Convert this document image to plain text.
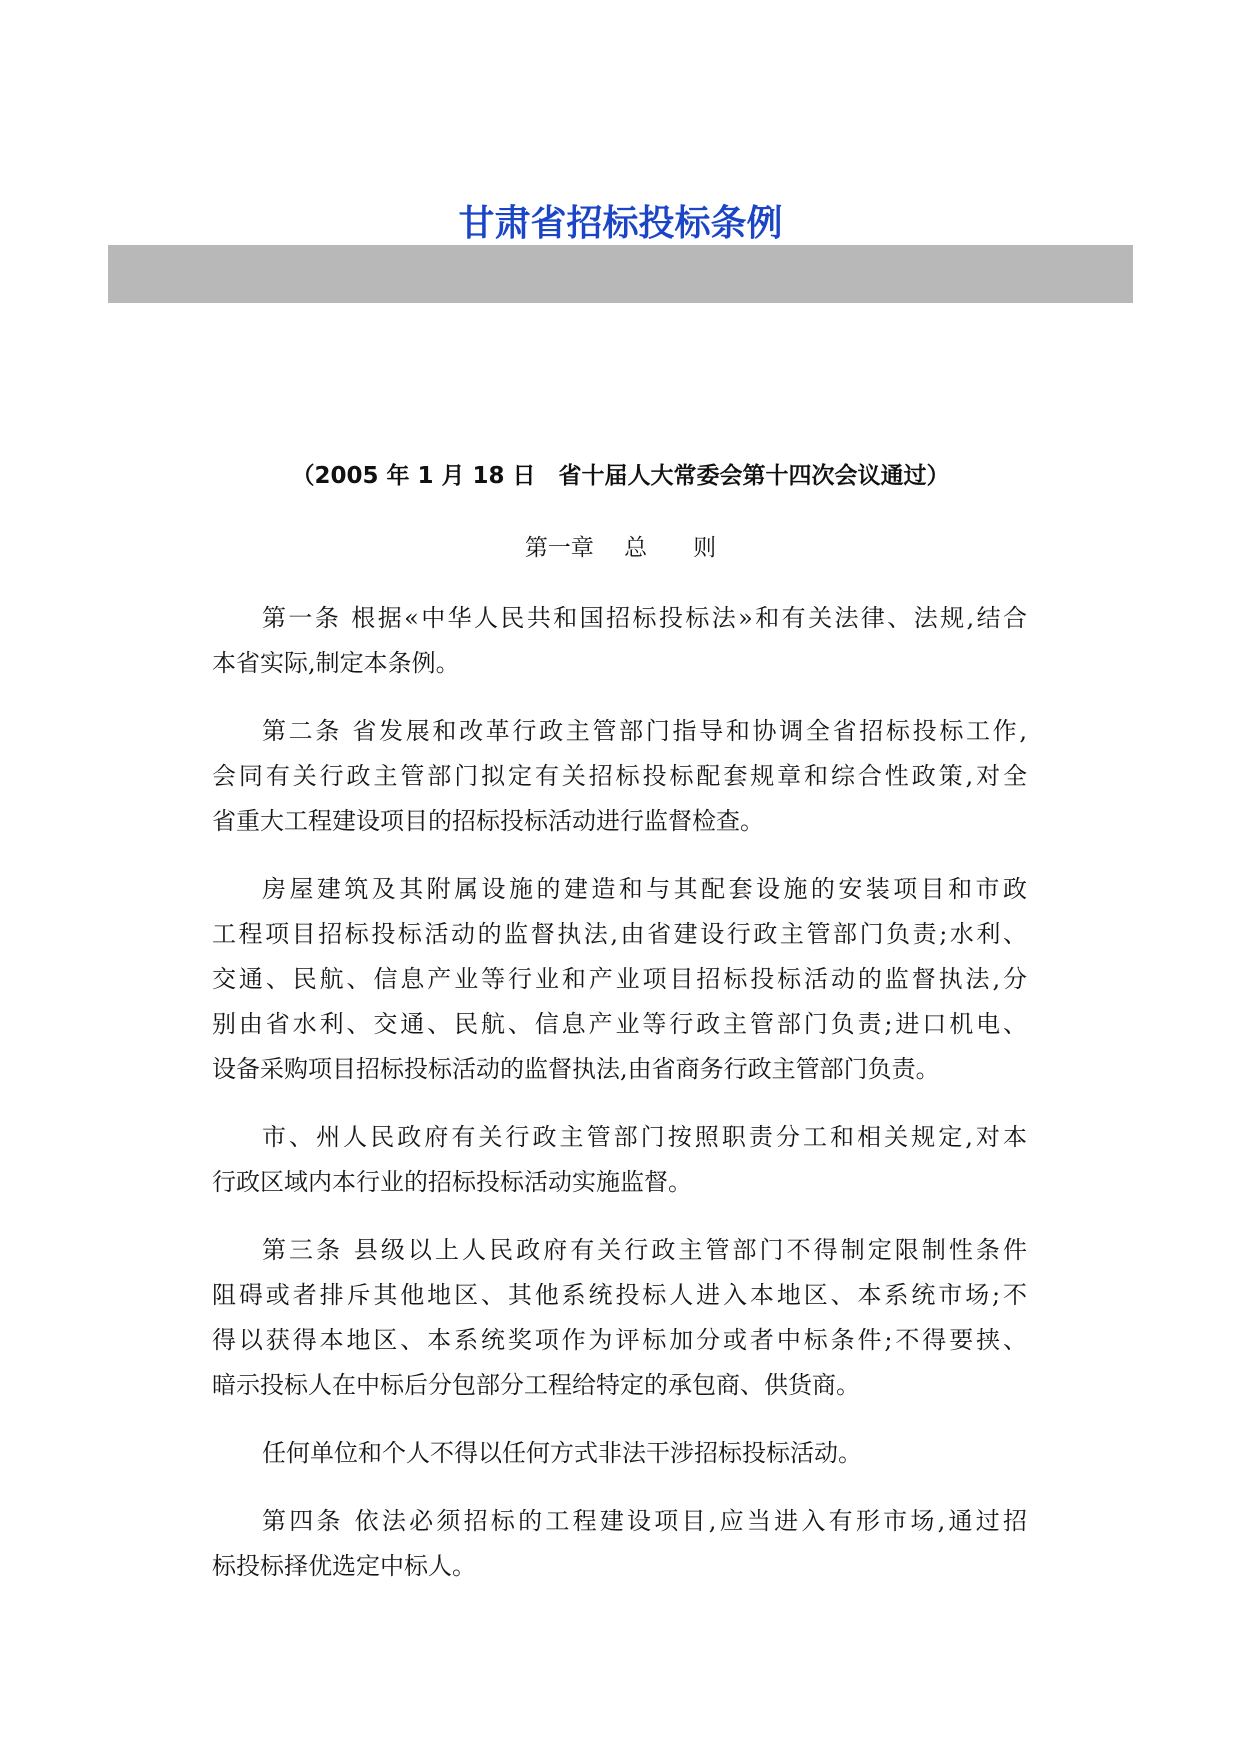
甘肃省招标投标条例
（2005 年 1 月 18 日　省十届人大常委会第十四次会议通过）
第一章　 总　　则

第一条 根据«中华人民共和国招标投标法»和有关法律、法规,结合
本省实际,制定本条例。

第二条 省发展和改革行政主管部门指导和协调全省招标投标工作,
会同有关行政主管部门拟定有关招标投标配套规章和综合性政策,对全
省重大工程建设项目的招标投标活动进行监督检查。

房屋建筑及其附属设施的建造和与其配套设施的安装项目和市政
工程项目招标投标活动的监督执法,由省建设行政主管部门负责;水利、
交通、民航、信息产业等行业和产业项目招标投标活动的监督执法,分
别由省水利、交通、民航、信息产业等行政主管部门负责;进口机电、
设备采购项目招标投标活动的监督执法,由省商务行政主管部门负责。

市、州人民政府有关行政主管部门按照职责分工和相关规定,对本
行政区域内本行业的招标投标活动实施监督。

第三条 县级以上人民政府有关行政主管部门不得制定限制性条件
阻碍或者排斥其他地区、其他系统投标人进入本地区、本系统市场;不
得以获得本地区、本系统奖项作为评标加分或者中标条件;不得要挟、
暗示投标人在中标后分包部分工程给特定的承包商、供货商。

任何单位和个人不得以任何方式非法干涉招标投标活动。

第四条 依法必须招标的工程建设项目,应当进入有形市场,通过招
标投标择优选定中标人。
